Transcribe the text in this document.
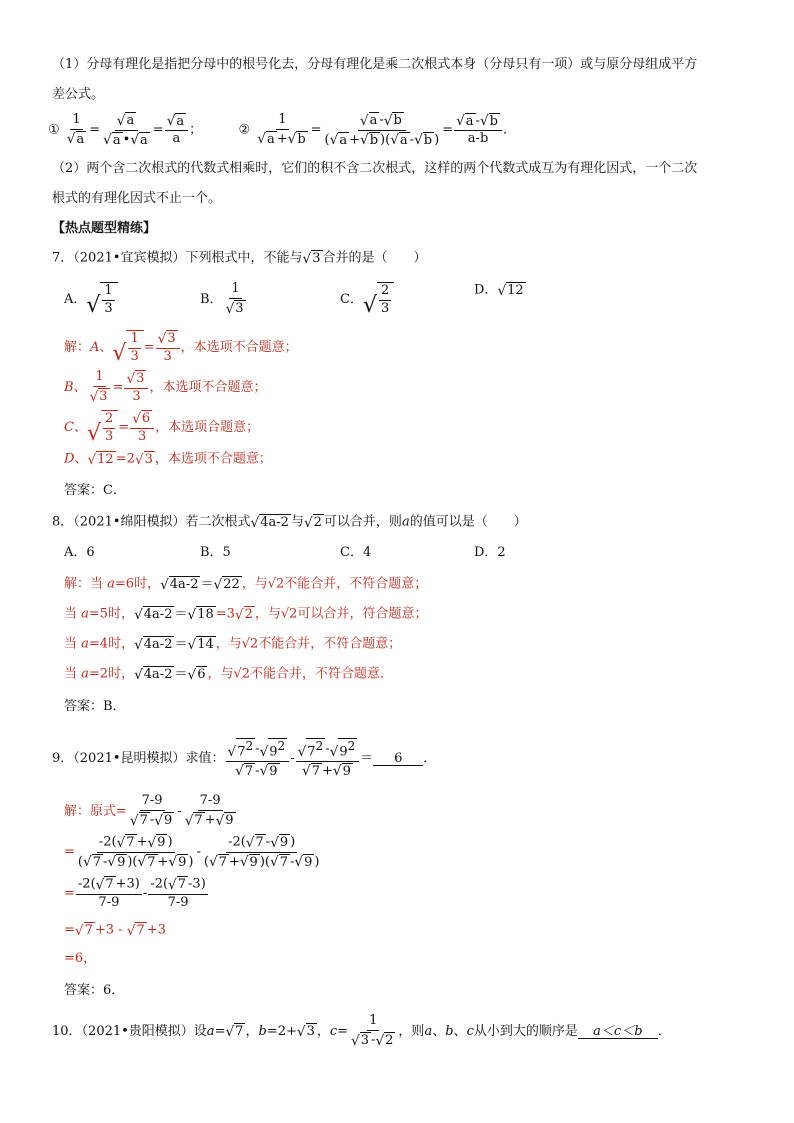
（1）分母有理化是指把分母中的根号化去，分母有理化是乘二次根式本身（分母只有一项）或与原分母组成平方
差公式。
① $\frac{1}{√ a} = \frac{√ a}{√ a • √ a} = \frac{√ a}{a}$ ；  ② $\frac{1}{√ a + √ b} = \frac{√ a - √ b}{( √ a + √ b )( √ a - √ b )} = \frac{√ a - √ b}{a-b}$ ．
（2）两个含二次根式的代数式相乘时，它们的积不含二次根式，这样的两个代数式成互为有理化因式，一个二次
根式的有理化因式不止一个。
【热点题型精练】
7．（2021•宜宾模拟）下列根式中，不能与 √ 3 合并的是（　　）
A． √ $\frac{1}{3}$	B． $\frac{1}{√ 3}$	C． √ $\frac{2}{3}$	D． √ 12
解：A、 √ $\frac{1}{3} = \frac{√ 3}{3}$ ，本选项不合题意；
B、 $\frac{1}{√ 3} = \frac{√ 3}{3}$ ，本选项不合题意；
C、 √ $\frac{2}{3} = \frac{√ 6}{3}$ ，本选项合题意；
D、 √ 12 =2 √ 3 ，本选项不合题意；
答案：C．
8．（2021•绵阳模拟）若二次根式 √ 4a-2 与 √ 2 可以合并，则a的值可以是（　　）
A．6	B．5	C．4	D．2
解：当 a=6时， √ 4a-2 ＝ √ 22 ，与√2不能合并，不符合题意；
当 a=5时， √ 4a-2 ＝ √ 18 =3 √ 2 ，与√2可以合并，符合题意；
当 a=4时， √ 4a-2 ＝ √ 14 ，与√2不能合并，不符合题意；
当 a=2时， √ 4a-2 ＝ √ 6 ，与√2不能合并，不符合题意．
答案：B．
9．（2021•昆明模拟）求值： $\frac{√ 7^2 - √ 9^2}{√ 7 - √ 9} - \frac{√ 7^2 - √ 9^2}{√ 7 + √ 9} = 6$ ．
解：原式= $\frac{7-9}{√ 7 - √ 9} - \frac{7-9}{√ 7 + √ 9}$
= $\frac{-2( √ 7 + √ 9 )}{( √ 7 - √ 9 )( √ 7 + √ 9 )} - \frac{-2( √ 7 - √ 9 )}{( √ 7 + √ 9 )( √ 7 - √ 9 )}$
= $\frac{-2( √ 7 +3)}{7-9} - \frac{-2( √ 7 -3)}{7-9}$
= √ 7 +3 - √ 7 +3
=6，
答案：6．
10．（2021•贵阳模拟）设a= √ 7 ，b=2+ √ 3 ，$c= \frac{1}{√ 3 - √ 2}$ ，则a、b、c从小到大的顺序是 a＜c＜b ．
